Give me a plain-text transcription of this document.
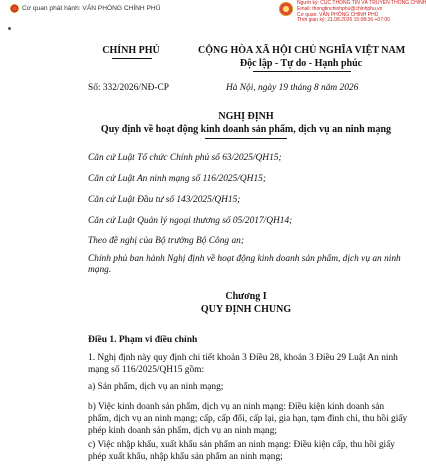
Cơ quan phát hành: VĂN PHÒNG CHÍNH PHỦ
Người ký: CỤC THÔNG TIN VÀ TRUYỀN THÔNG CHÍNH
Email: thongtinchinhphu@chinhphu.vn
Cơ quan: VĂN PHÒNG CHÍNH PHỦ
Thời gian ký: 21.08.2026 15:08:36 +07:00
CHÍNH PHỦ	CỘNG HÒA XÃ HỘI CHỦ NGHĨA VIỆT NAM
Độc lập - Tự do - Hạnh phúc
Số: 332/2026/NĐ-CP	Hà Nội, ngày 19 tháng 8 năm 2026
NGHỊ ĐỊNH
Quy định về hoạt động kinh doanh sản phẩm, dịch vụ an ninh mạng
Căn cứ Luật Tổ chức Chính phủ số 63/2025/QH15;
Căn cứ Luật An ninh mạng số 116/2025/QH15;
Căn cứ Luật Đầu tư số 143/2025/QH15;
Căn cứ Luật Quản lý ngoại thương số 05/2017/QH14;
Theo đề nghị của Bộ trưởng Bộ Công an;
Chính phủ ban hành Nghị định về hoạt động kinh doanh sản phẩm, dịch vụ an ninh mạng.
Chương I
QUY ĐỊNH CHUNG
Điều 1. Phạm vi điều chỉnh
1. Nghị định này quy định chi tiết khoản 3 Điều 28, khoản 3 Điều 29 Luật An ninh mạng số 116/2025/QH15 gồm:
a) Sản phẩm, dịch vụ an ninh mạng;
b) Việc kinh doanh sản phẩm, dịch vụ an ninh mạng: Điều kiện kinh doanh sản phẩm, dịch vụ an ninh mạng; cấp, cấp đổi, cấp lại, gia hạn, tạm đình chỉ, thu hồi giấy phép kinh doanh sản phẩm, dịch vụ an ninh mạng;
c) Việc nhập khẩu, xuất khẩu sản phẩm an ninh mạng: Điều kiện cấp, thu hồi giấy phép xuất khẩu, nhập khẩu sản phẩm an ninh mạng;
